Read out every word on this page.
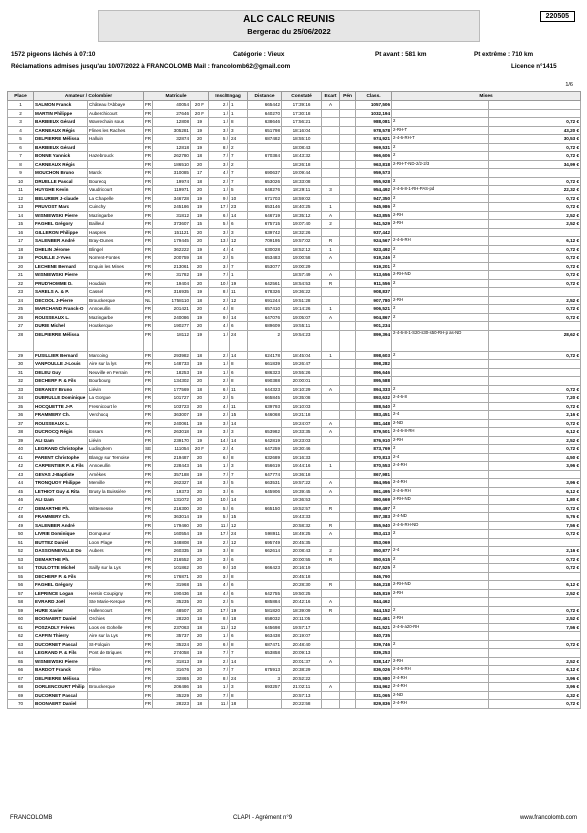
ALC CALC REUNIS
Bergerac du 25/06/2022
220505
1572 pigeons lâchés à 07:10	Catégorie : Vieux	Pt avant : 581 km	Pt extrême : 710 km
Réclamations admises jusqu'au 10/07/2022 à FRANCOLOMB Mail : francolomb62@gmail.com	Licence n°1415
1/6
Place	Amateur / Colombier		Matricule			Insc/Engag		Distance	Constaté	Ecart	Pén	Class.	Mises	
1	SALMON Franck	Château l'Abbaye	FR	40054	20 F	2 /	1	665442	17:39:16	A		1057,506		
2	MARTIN Philippe	Auberchicourt	FR	27646	20 F	1 /	1	640270	17:30:18			1032,194		
3	BARBIEUX Gérard	Wavrechain sous	FR	12808	19	1 /	8	638646	17:56:21			988,081	2	0,72 €
4	CARNEAUX Régis	Flines les Raches	FR	305281	19	3 /	3	651798	18:16:04			978,578	2-RH-T	43,20 €
5	DELPIERRE Mélissa	Halluin	FR	32874	20	5 /	24	687482	18:55:10			974,921	2-4-6-RH-T	30,53 €
6	BARBIEUX Gérard		FR	12818	19	8 /	2		18:08:43			969,531	2	0,72 €
7	BONNE Yannick	Hazebrouck	FR	262780	18	7 /	7	670384	18:43:32			966,606	2	0,72 €
8	CARNEAUX Régis		FR	186510	20	3 /	2		18:26:18			963,818	2-RH-T-ND-2/2-2/3	34,99 €
9	MOUCHON Bruno	Marck	FR	310085	17	4 /	7	690637	19:09:44			959,573		
10	DRUELLE Pascal	Bourecq	FR	19974	18	2 /	7	653026	18:33:08			955,928	2	0,72 €
11	HUYGHE Kevin	Vaudricourt	FR	119971	20	1 /	5	648276	18:29:11	3		954,492	2-4-6-8-1-RH-PAS-pd	22,32 €
12	BELURIER J-claude	La Chapelle	FR	346728	19	9 /	10	671703	18:59:02			947,350	2	0,72 €
13	PRUVOST Marc	Cuinchy	FR	245186	19	17 /	23	653146	18:40:25	1		945,986	2	0,72 €
14	WISNIEWSKI Pierre	Mazingarbe	FR	31812	19	6 /	14	646719	18:35:12	A		943,855	2-RH	2,52 €
15	FAGHEL Grégory	Bailleul	FR	373607	15	5 /	6	675715	19:07:40	2		941,529	2-RH	2,52 €
16	GILLERON Philippe	Haspres	FR	151121	20	3 /	3	639742	18:32:26			937,442		
17	SALENBER André	Bray-Dunes	FR	179445	20	13 /	12	709195	19:57:02	R		924,567	2-4-6-RH	6,12 €
18	DHELIN Jérome	Blingel	FR	362222	19	4 /	4	630028	18:52:12	1		923,492	2	0,72 €
19	POUILLE J-Yves	Norrent-Fontes	FR	200759	18	2 /	5	653483	19:00:58	A		919,246	2	0,72 €
20	LECHENE Bernard	Enquin les Mines	FR	213061	20	3 /	7	653077	19:00:29			919,201	2	0,72 €
21	WISNIEWSKI Pierre		FR	31782	19	7 /	1		18:57:49	A		913,656	2-RH-ND	0,72 €
22	PRUD'HOMME D.	Houdain	FR	19404	20	10 /	19	642561	18:54:53	R		911,556	2	0,72 €
23	SARELS A. & P.	Cassel	FR	316935	19	8 /	11	678326	19:36:22			908,837		
24	DECOOL J-Pierre	Brouckerque	NL	1758110	18	2 /	12	691244	19:51:28			907,780	2-RH	2,52 €
25	MARCHAND Franck-O	Annoeullin	FR	201421	20	4 /	8	657410	19:14:26	1		906,521	2	0,72 €
26	ROUSSEAUX L.	Mazingarbe	FR	240086	19	9 /	14	647076	19:05:07	A		904,867	2	0,72 €
27	DURIE Michel	Houtkerque	FR	190277	20	4 /	6	689609	19:55:11			901,234		
28	DELPIERRE Mélissa		FR	18112	19	1 /	24	2	19:54:23			899,394	2-4-6-8-1-S20-s30-s50-RH-p as-ND	28,62 €
29	FUSILLIER Bernard	Marcoing	FR	293982	18	2 /	14	624178	18:45:04	1		898,603	2	0,72 €
30	VANPOULLE J-Louis	Aire sur la lys	FR	148733	19	1 /	8	661839	19:26:47			898,282		
31	DELEU Guy	Neuville en Ferrain	FR	18253	19	1 /	6	686323	19:55:26			896,646		
32	DECHERF P. & Fils	Bourbourg	FR	134302	20	2 /	8	690388	20:00:01			895,588		
33	DERANSY Bruno	Liévin	FR	177569	18	6 /	11	644323	19:10:29	A		894,333	2	0,72 €
34	DUBRULLE Dominique	La Gorgue	FR	101727	20	2 /	5	665845	19:35:08			893,632	2-4-6-8	7,20 €
35	HOCQUETTE J-P.	Fresnicourt le	FR	103723	20	4 /	11	639793	19:10:03			888,540	2	0,72 €
36	FRAMMERY Ch.	Verchocq	FR	363007	19	2 /	15	646068	19:21:18			883,451	2-4	2,16 €
37	ROUSSEAUX L.		FR	240061	19	3 /	14		19:24:07	A		881,448	2-ND	0,72 €
38	DUCROCQ Régis	Essars	FR	263018	19	3 /	3	653982	19:33:35	A		879,501	2-4-6-8-RH	6,12 €
39	ALI Izam	Liévin	FR	239170	19	14 /	14	642819	19:23:03			876,910	2-RH	2,52 €
40	LEGRAND Christophe	Ludinghem	SE	111054	20 F	2 /	4	647259	19:30:46			873,769	2	0,72 €
41	PARENT Christophe	Blangy sur Ternoise	FR	219487	20	6 /	8	632689	19:16:33			870,813	2-4	4,50 €
42	CARPENTIER P. & Fils	Annoeullin	FR	228443	16	1 /	3	656619	19:44:16	1		870,553	2-4-RH	3,96 €
43	GEVAS J-Baptiste	Arnèkes	FR	357188	19	7 /	7	647774	19:36:18			867,981		
44	TRONQUOY Philippe	Merville	FR	262327	18	3 /	5	663531	19:57:22	A		864,956	2-4-RH	3,96 €
45	LETHIOT Guy & Rita	Brusy la Buissière	FR	19373	20	3 /	6	645906	19:39:45	A		861,495	2-4-6-RH	6,12 €
46	ALI Izam		FR	131072	20	10 /	14		19:36:53			860,669	2-RH-ND	1,80 €
47	DEMARTHE Ph.	Wittemesse	FR	216300	20	5 /	6	665150	19:52:57	R		859,497	2	0,72 €
48	FRAMMERY Ch.		FR	363014	19	5 /	15		19:43:33			857,383	2-4-ND	5,76 €
49	SALENBER André		FR	179460	20	11 /	12		20:58:32	R		855,940	2-4-6-RH-ND	7,56 €
50	LIVRIE Dominique	Domqueur	FR	160554	19	17 /	24	598911	18:49:25	A		853,413	2	0,72 €
51	BUTTEZ Daniel	Loon Plage	FR	348808	19	2 /	12	695749	20:45:35			853,069		
52	DASSONNEVILLE Do	Aubers	FR	260335	19	3 /	8	662614	20:08:43	2		850,877	2-4	2,16 €
53	DEMARTHE Ph.		FR	216552	20	3 /	6		20:00:55	R		850,615	2	0,72 €
54	TOULOTTE Michel	Sailly sur la Lys	FR	101862	20	9 /	10	666423	20:16:19			847,525	2	0,72 €
55	DECHERF P. & Fils		FR	176871	20	3 /	8		20:45:18			846,790		
56	FAGHEL Grégory		FR	31968	15	4 /	6		20:28:30	R		846,218	2-RH-ND	6,12 €
57	LEPRINCE Logan	Hersin Coupigny	FR	190436	18	4 /	6	642755	19:50:25			845,819	2-RH	2,52 €
58	EVRARD Joël	Ste Marie-Kerque	FR	35235	20	2 /	5	685884	20:42:16	A		844,462		
59	HURE Xavier	Hallencourt	FR	48507	20	17 /	19	581820	18:39:09	R		844,152	2	0,72 €
60	BOONAERT Daniel	Orchies	FR	28220	18	8 /	18	658032	20:11:05			842,461	2-RH	2,52 €
61	POSZADLY Frères	Loos en Gohelle	FR	237063	18	11 /	12	645698	19:57:17			841,521	2-4-6-a20-RH	7,56 €
62	CAFFIN Thierry	Aire sur la Lys	FR	35737	20	1 /	6	663438	20:19:07			840,735		
63	DUCORNET Pascal	St-Folquin	FR	35224	20	6 /	8	687471	20:48:40			839,746	2	0,72 €
64	LEGRAND P. & Fils	Pont de Briques	FR	274058	19	7 /	7	653858	20:09:13			839,253		
65	WISNIEWSKI Pierre		FR	31813	19	2 /	14		20:01:37	A		838,147	2-RH	2,52 €
66	BARDOT Franck	Flêtre	FR	31676	20	7 /	7	675913	20:38:29			836,026	2-4-6-RH	6,12 €
67	DELPIERRE Mélissa		FR	32865	20	8 /	24	3	20:52:22			835,980	2-4-RH	3,96 €
68	DORLENCOURT Philip	Brouckerque	FR	206486	16	1 /	3	693257	21:02:11	A		834,962	2-4-RH	3,96 €
69	DUCORNET Pascal		FR	35229	20	7 /	8		20:57:13			831,065	2-ND	4,32 €
70	BOONAERT Daniel		FR	28223	18	11 /	18		20:22:58			829,836	2-4-RH	0,72 €
FRANCOLOMB	CLAPI - Agrément n°9	www.francolomb.com
